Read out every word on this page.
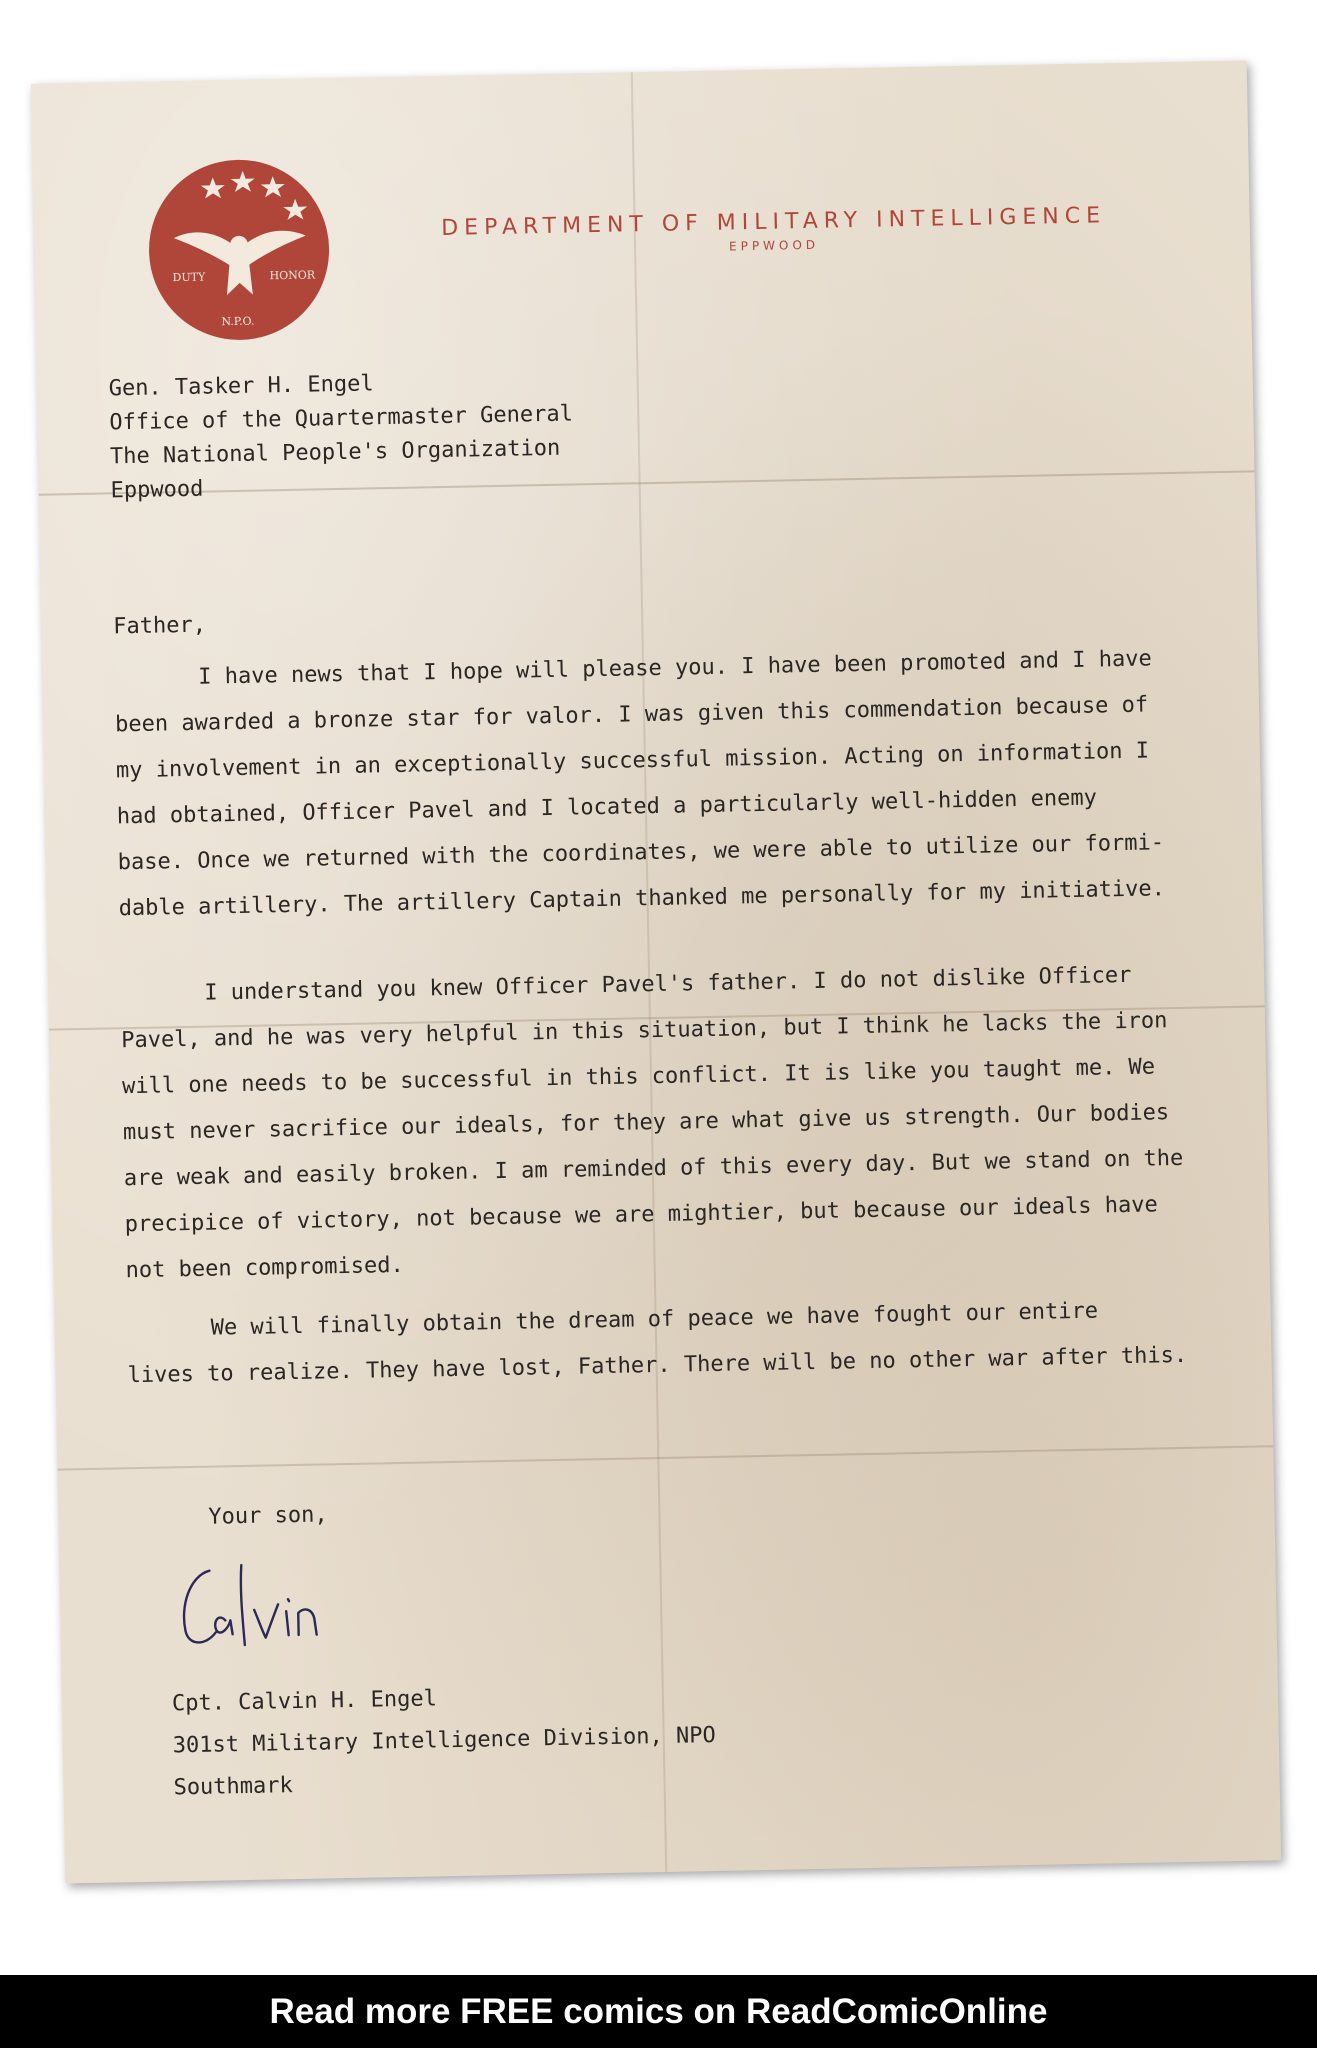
DUTY	HONOR
N.P.O.
DEPARTMENT OF MILITARY INTELLIGENCE
EPPWOOD
Gen. Tasker H. Engel
Office of the Quartermaster General
The National People's Organization
Eppwood
Father,
I have news that I hope will please you. I have been promoted and I have
been awarded a bronze star for valor. I was given this commendation because of
my involvement in an exceptionally successful mission. Acting on information I
had obtained, Officer Pavel and I located a particularly well-hidden enemy
base. Once we returned with the coordinates, we were able to utilize our formi-
dable artillery. The artillery Captain thanked me personally for my initiative.
I understand you knew Officer Pavel's father. I do not dislike Officer
Pavel, and he was very helpful in this situation, but I think he lacks the iron
will one needs to be successful in this conflict. It is like you taught me. We
must never sacrifice our ideals, for they are what give us strength. Our bodies
are weak and easily broken. I am reminded of this every day. But we stand on the
precipice of victory, not because we are mightier, but because our ideals have
not been compromised.
We will finally obtain the dream of peace we have fought our entire
lives to realize. They have lost, Father. There will be no other war after this.
Your son,
Cpt. Calvin H. Engel
301st Military Intelligence Division, NPO
Southmark
Read more FREE comics on ReadComicOnline
